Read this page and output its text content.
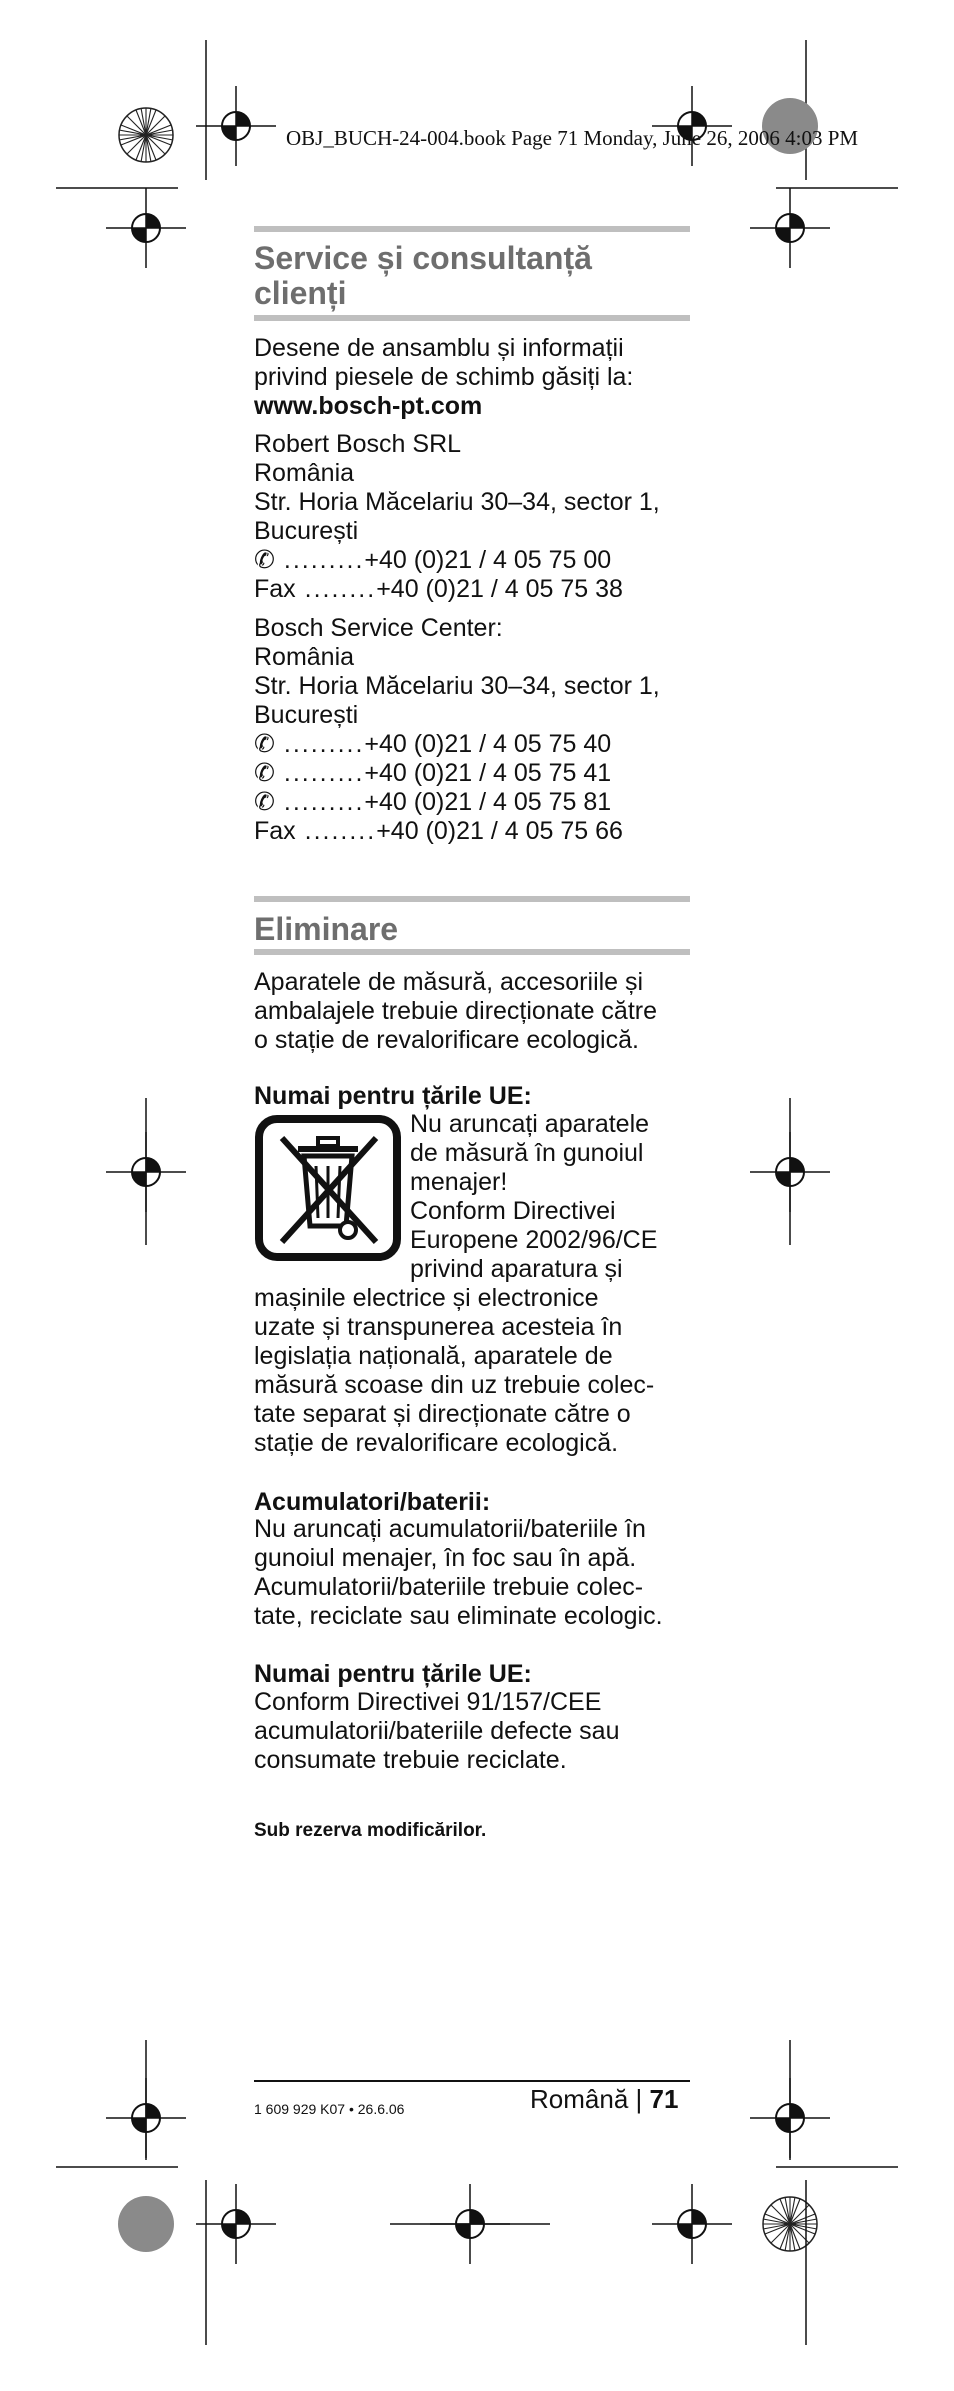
OBJ_BUCH-24-004.book Page 71 Monday, June 26, 2006 4:03 PM
Service și consultanță
clienți
Desene de ansamblu și informații
privind piesele de schimb găsiți la:
www.bosch-pt.com
Robert Bosch SRL
România
Str. Horia Măcelariu 30–34, sector 1,
București
✆ .........+40 (0)21 / 4 05 75 00
Fax ........+40 (0)21 / 4 05 75 38
Bosch Service Center:
România
Str. Horia Măcelariu 30–34, sector 1,
București
✆ .........+40 (0)21 / 4 05 75 40
✆ .........+40 (0)21 / 4 05 75 41
✆ .........+40 (0)21 / 4 05 75 81
Fax ........+40 (0)21 / 4 05 75 66
Eliminare
Aparatele de măsură, accesoriile și
ambalajele trebuie direcționate către
o stație de revalorificare ecologică.
Numai pentru țările UE:
Nu aruncați aparatele
de măsură în gunoiul
menajer!
Conform Directivei
Europene 2002/96/CE
privind aparatura și
mașinile electrice și electronice
uzate și transpunerea acesteia în
legislația națională, aparatele de
măsură scoase din uz trebuie colec-
tate separat și direcționate către o
stație de revalorificare ecologică.
Acumulatori/baterii:
Nu aruncați acumulatorii/bateriile în
gunoiul menajer, în foc sau în apă.
Acumulatorii/bateriile trebuie colec-
tate, reciclate sau eliminate ecologic.
Numai pentru țările UE:
Conform Directivei 91/157/CEE
acumulatorii/bateriile defecte sau
consumate trebuie reciclate.
Sub rezerva modificărilor.
1 609 929 K07 • 26.6.06	Română | 71
